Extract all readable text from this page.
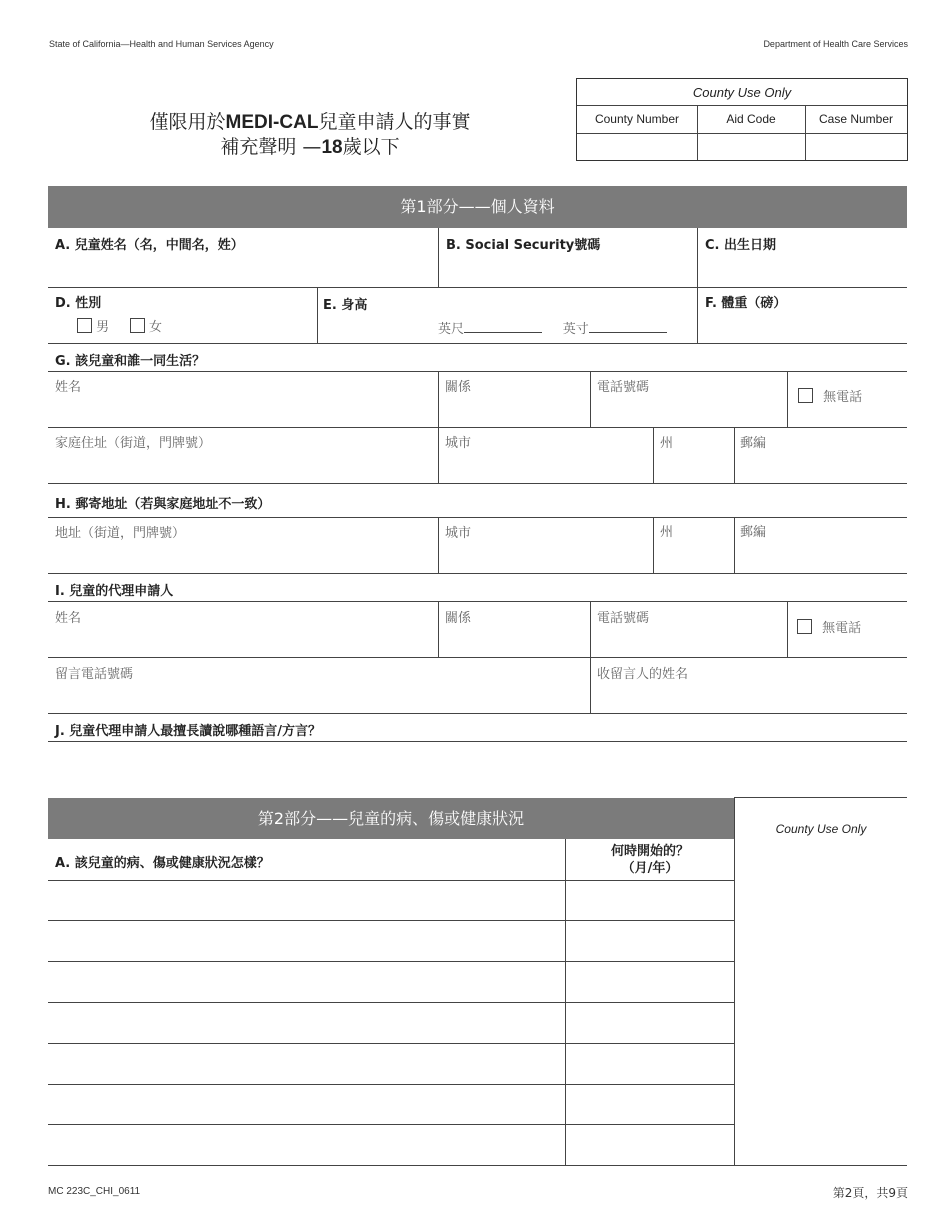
State of California—Health and Human Services Agency	Department of Health Care Services
County Use Only
County Number	Aid Code	Case Number
僅限用於MEDI-CAL兒童申請人的事實
補充聲明 —18歲以下
第1部分——個人資料
A. 兒童姓名（名，中間名，姓）	B. Social Security號碼	C. 出生日期
D. 性別
男	女
E. 身高
英尺	英寸
F. 體重（磅）
G. 該兒童和誰一同生活？
姓名	關係	電話號碼
無電話
家庭住址（街道，門牌號）	城市	州	郵編
H. 郵寄地址（若與家庭地址不一致）
地址（街道，門牌號）	城市	州	郵編
I. 兒童的代理申請人
姓名	關係	電話號碼
無電話
留言電話號碼	收留言人的姓名
J. 兒童代理申請人最擅長讀說哪種語言/方言？
第2部分——兒童的病、傷或健康狀況
County Use Only
A. 該兒童的病、傷或健康狀況怎樣？
何時開始的？
（月/年）
MC 223C_CHI_0611	第2頁，共9頁
